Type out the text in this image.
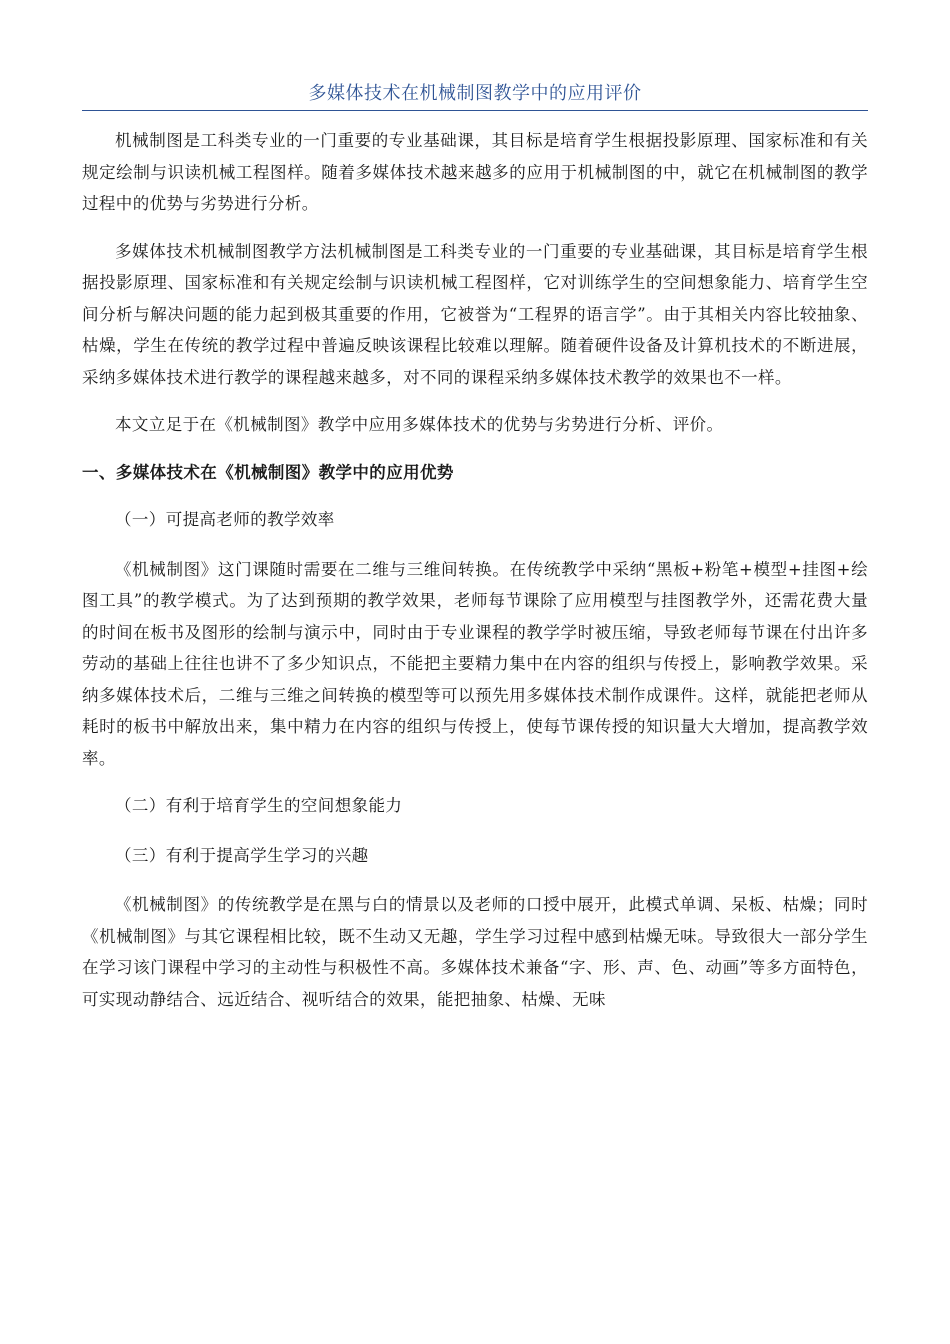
多媒体技术在机械制图教学中的应用评价

机械制图是工科类专业的一门重要的专业基础课，其目标是培育学生根据投影原理、国家标准和有关规定绘制与识读机械工程图样。随着多媒体技术越来越多的应用于机械制图的中，就它在机械制图的教学过程中的优势与劣势进行分析。

多媒体技术机械制图教学方法机械制图是工科类专业的一门重要的专业基础课，其目标是培育学生根据投影原理、国家标准和有关规定绘制与识读机械工程图样，它对训练学生的空间想象能力、培育学生空间分析与解决问题的能力起到极其重要的作用，它被誉为“工程界的语言学”。由于其相关内容比较抽象、枯燥，学生在传统的教学过程中普遍反映该课程比较难以理解。随着硬件设备及计算机技术的不断进展，采纳多媒体技术进行教学的课程越来越多，对不同的课程采纳多媒体技术教学的效果也不一样。

本文立足于在《机械制图》教学中应用多媒体技术的优势与劣势进行分析、评价。

一、多媒体技术在《机械制图》教学中的应用优势
（一）可提高老师的教学效率

《机械制图》这门课随时需要在二维与三维间转换。在传统教学中采纳“黑板+粉笔+模型+挂图+绘图工具”的教学模式。为了达到预期的教学效果，老师每节课除了应用模型与挂图教学外，还需花费大量的时间在板书及图形的绘制与演示中，同时由于专业课程的教学学时被压缩，导致老师每节课在付出许多劳动的基础上往往也讲不了多少知识点，不能把主要精力集中在内容的组织与传授上，影响教学效果。采纳多媒体技术后，二维与三维之间转换的模型等可以预先用多媒体技术制作成课件。这样，就能把老师从耗时的板书中解放出来，集中精力在内容的组织与传授上，使每节课传授的知识量大大增加，提高教学效率。

（二）有利于培育学生的空间想象能力
（三）有利于提高学生学习的兴趣

《机械制图》的传统教学是在黑与白的情景以及老师的口授中展开，此模式单调、呆板、枯燥；同时《机械制图》与其它课程相比较，既不生动又无趣，学生学习过程中感到枯燥无味。导致很大一部分学生在学习该门课程中学习的主动性与积极性不高。多媒体技术兼备“字、形、声、色、动画”等多方面特色，可实现动静结合、远近结合、视听结合的效果，能把抽象、枯燥、无味
